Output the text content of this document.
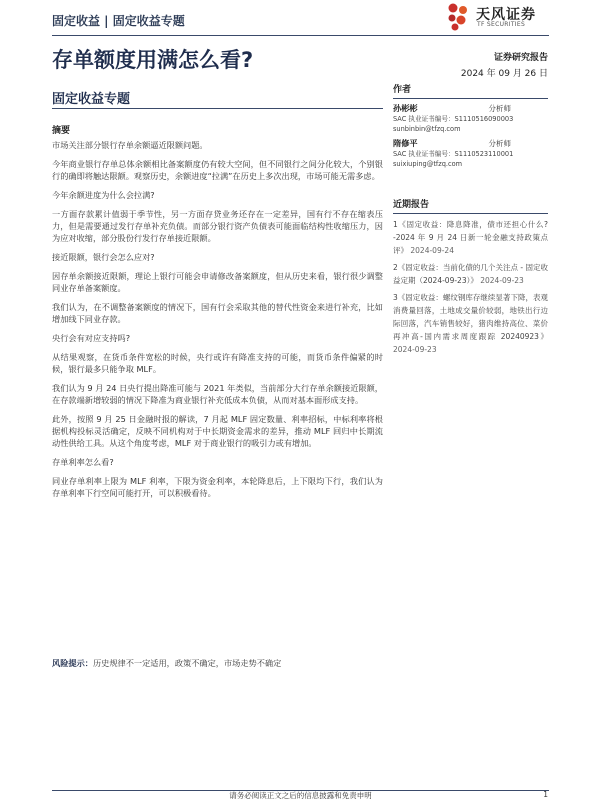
固定收益 | 固定收益专题	天风证券
TF SECURITIES
存单额度用满怎么看?	证券研究报告
2024 年 09 月 26 日
固定收益专题
摘要

市场关注部分银行存单余额逼近限额问题。

今年商业银行存单总体余额相比备案额度仍有较大空间，但不同银行之间分化较大，个别银行的确即将触达限额。观察历史，余额进度“拉满”在历史上多次出现，市场可能无需多虑。

今年余额进度为什么会拉满?

一方面存款累计值弱于季节性，另一方面存贷业务还存在一定差异，国有行不存在缩表压力，但是需要通过发行存单补充负债。而部分银行资产负债表可能面临结构性收缩压力，因为应对收缩，部分股份行发行存单接近限额。

接近限额，银行会怎么应对?

因存单余额接近限额，理论上银行可能会申请修改备案额度，但从历史来看，银行很少调整同业存单备案额度。

我们认为，在不调整备案额度的情况下，国有行会采取其他的替代性资金来进行补充，比如增加线下同业存款。

央行会有对应支持吗?

从结果观察，在货币条件宽松的时候，央行或许有降准支持的可能，而货币条件偏紧的时候，银行最多只能争取 MLF。

我们认为 9 月 24 日央行提出降准可能与 2021 年类似，当前部分大行存单余额接近限额，在存款端新增较弱的情况下降准为商业银行补充低成本负债，从而对基本面形成支持。

此外，按照 9 月 25 日金融时报的解读，7 月起 MLF 固定数量、利率招标，中标利率将根据机构投标灵活确定，反映不同机构对于中长期资金需求的差异，推动 MLF 回归中长期流动性供给工具。从这个角度考虑，MLF 对于商业银行的吸引力或有增加。

存单利率怎么看?

同业存单利率上限为 MLF 利率，下限为资金利率，本轮降息后，上下限均下行，我们认为存单利率下行空间可能打开，可以积极看待。

作者
孙彬彬	分析师
SAC 执业证书编号：S1110516090003
sunbinbin@tfzq.com
隋修平	分析师
SAC 执业证书编号：S1110523110001
suixiuping@tfzq.com
近期报告
1《固定收益：降息降准，债市还担心什么? -2024 年 9 月 24 日新一轮金融支持政策点评》 2024-09-24
2《固定收益：当前化债的几个关注点 - 固定收益定期（2024-09-23）》 2024-09-23
3《固定收益：螺纹钢库存继续显著下降，表观消费量回落，土地成交量价较弱，地铁出行边际回落，汽车销售较好，猪肉维持高位、菜价再冲高-国内需求周度跟踪 20240923》 2024-09-23
风险提示：历史规律不一定适用，政策不确定，市场走势不确定
请务必阅读正文之后的信息披露和免责申明	1
